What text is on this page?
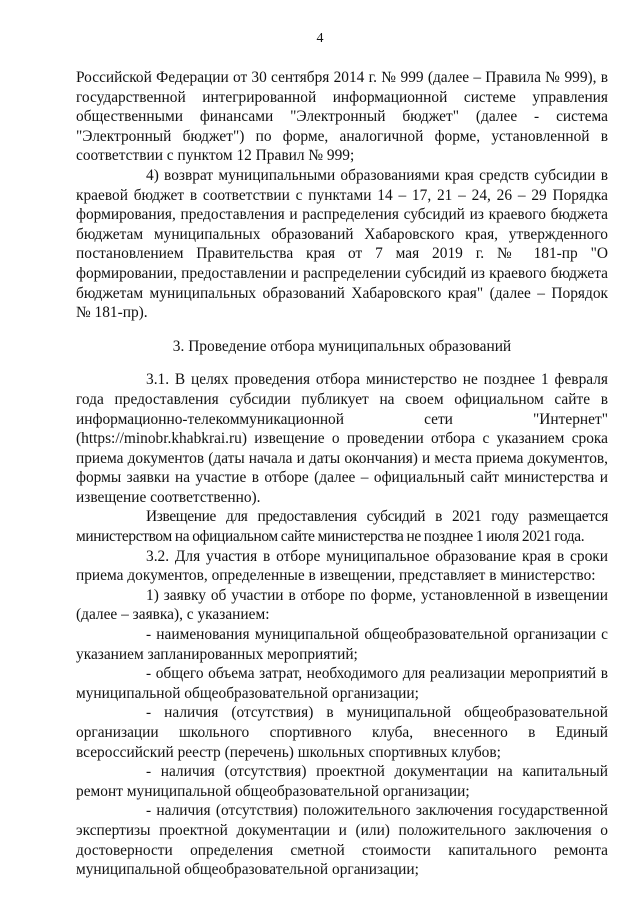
4

Российской Федерации от 30 сентября 2014 г. № 999 (далее – Правила № 999), в государственной интегрированной информационной системе управления общественными финансами "Электронный бюджет" (далее - система "Электронный бюджет") по форме, аналогичной форме, установленной в соответствии с пунктом 12 Правил № 999;

4) возврат муниципальными образованиями края средств субсидии в краевой бюджет в соответствии с пунктами 14 – 17, 21 – 24, 26 – 29 Порядка формирования, предоставления и распределения субсидий из краевого бюджета бюджетам муниципальных образований Хабаровского края, утвержденного постановлением Правительства края от 7 мая 2019 г. № 181-пр "О формировании, предоставлении и распределении субсидий из краевого бюджета бюджетам муниципальных образований Хабаровского края" (далее – Порядок № 181-пр).

3. Проведение отбора муниципальных образований

3.1. В целях проведения отбора министерство не позднее 1 февраля года предоставления субсидии публикует на своем официальном сайте в информационно-телекоммуникационной сети "Интернет" (https://minobr.khabkrai.ru) извещение о проведении отбора с указанием срока приема документов (даты начала и даты окончания) и места приема документов, формы заявки на участие в отборе (далее – официальный сайт министерства и извещение соответственно).

Извещение для предоставления субсидий в 2021 году размещается министерством на официальном сайте министерства не позднее 1 июля 2021 года.

3.2. Для участия в отборе муниципальное образование края в сроки приема документов, определенные в извещении, представляет в министерство:

1) заявку об участии в отборе по форме, установленной в извещении (далее – заявка), с указанием:

- наименования муниципальной общеобразовательной организации с указанием запланированных мероприятий;

- общего объема затрат, необходимого для реализации мероприятий в муниципальной общеобразовательной организации;

- наличия (отсутствия) в муниципальной общеобразовательной организации школьного спортивного клуба, внесенного в Единый всероссийский реестр (перечень) школьных спортивных клубов;

- наличия (отсутствия) проектной документации на капитальный ремонт муниципальной общеобразовательной организации;

- наличия (отсутствия) положительного заключения государственной экспертизы проектной документации и (или) положительного заключения о достоверности определения сметной стоимости капитального ремонта муниципальной общеобразовательной организации;
